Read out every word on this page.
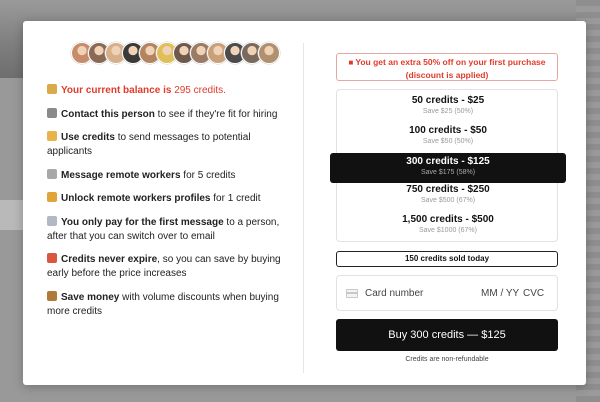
Your current balance is 295 credits.
Contact this person to see if they're fit for hiring
Use credits to send messages to potential applicants
Message remote workers for 5 credits
Unlock remote workers profiles for 1 credit
You only pay for the first message to a person, after that you can switch over to email
Credits never expire, so you can save by buying early before the price increases
Save money with volume discounts when buying more credits
■ You get an extra 50% off on your first purchase
(discount is applied)
50 credits - $25
Save $25 (50%)
100 credits - $50
Save $50 (50%)
300 credits - $125
Save $175 (58%)
750 credits - $250
Save $500 (67%)
1,500 credits - $500
Save $1000 (67%)
150 credits sold today
Card number	MM / YY CVC
Buy 300 credits — $125
Credits are non-refundable
